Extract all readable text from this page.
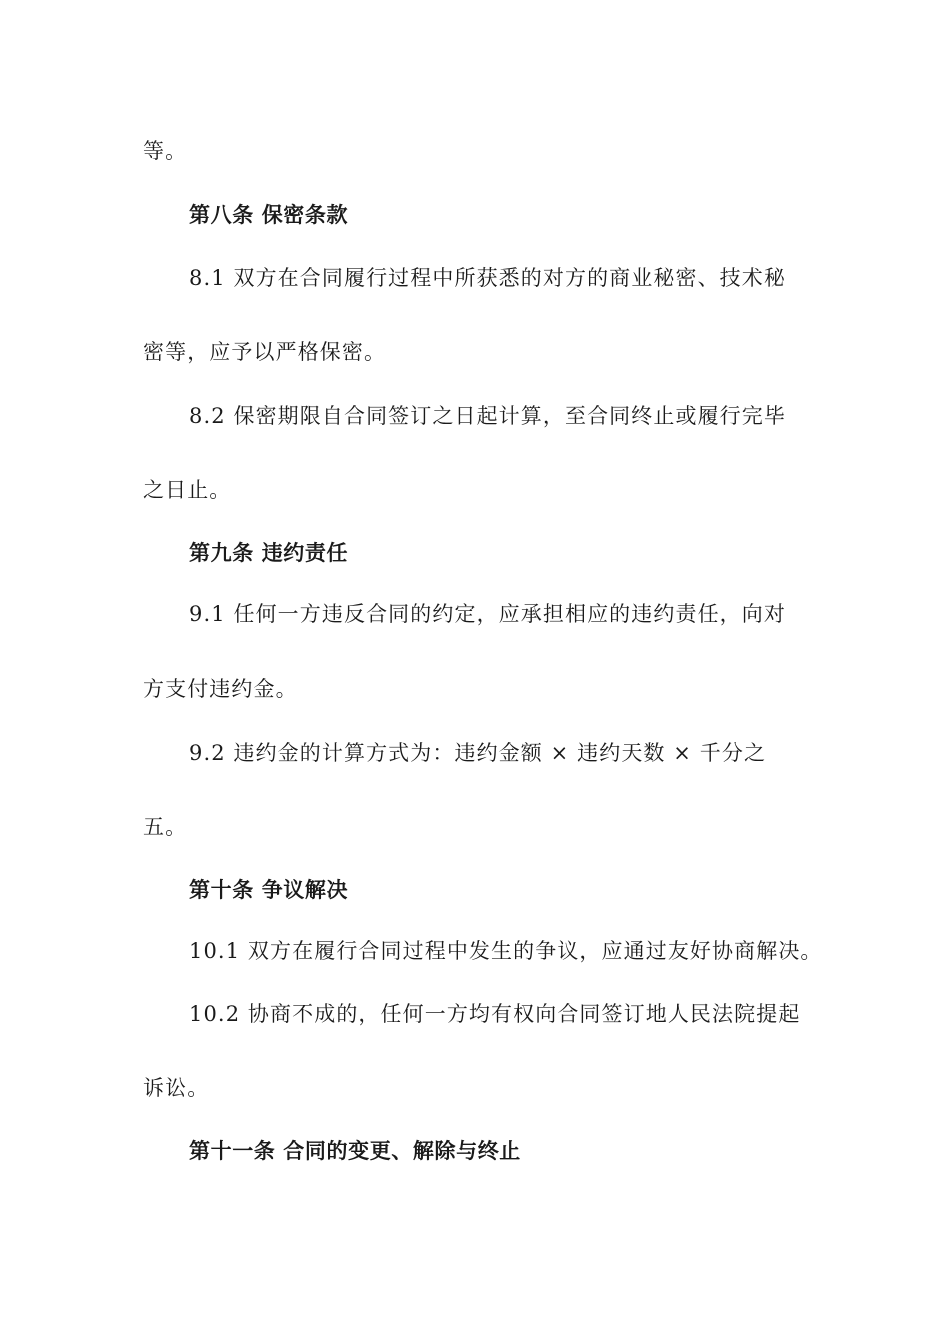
等。
第八条 保密条款
8.1 双方在合同履行过程中所获悉的对方的商业秘密、技术秘
密等，应予以严格保密。
8.2 保密期限自合同签订之日起计算，至合同终止或履行完毕
之日止。
第九条 违约责任
9.1 任何一方违反合同的约定，应承担相应的违约责任，向对
方支付违约金。
9.2 违约金的计算方式为：违约金额 × 违约天数 × 千分之
五。
第十条 争议解决
10.1 双方在履行合同过程中发生的争议，应通过友好协商解决。
10.2 协商不成的，任何一方均有权向合同签订地人民法院提起
诉讼。
第十一条 合同的变更、解除与终止
